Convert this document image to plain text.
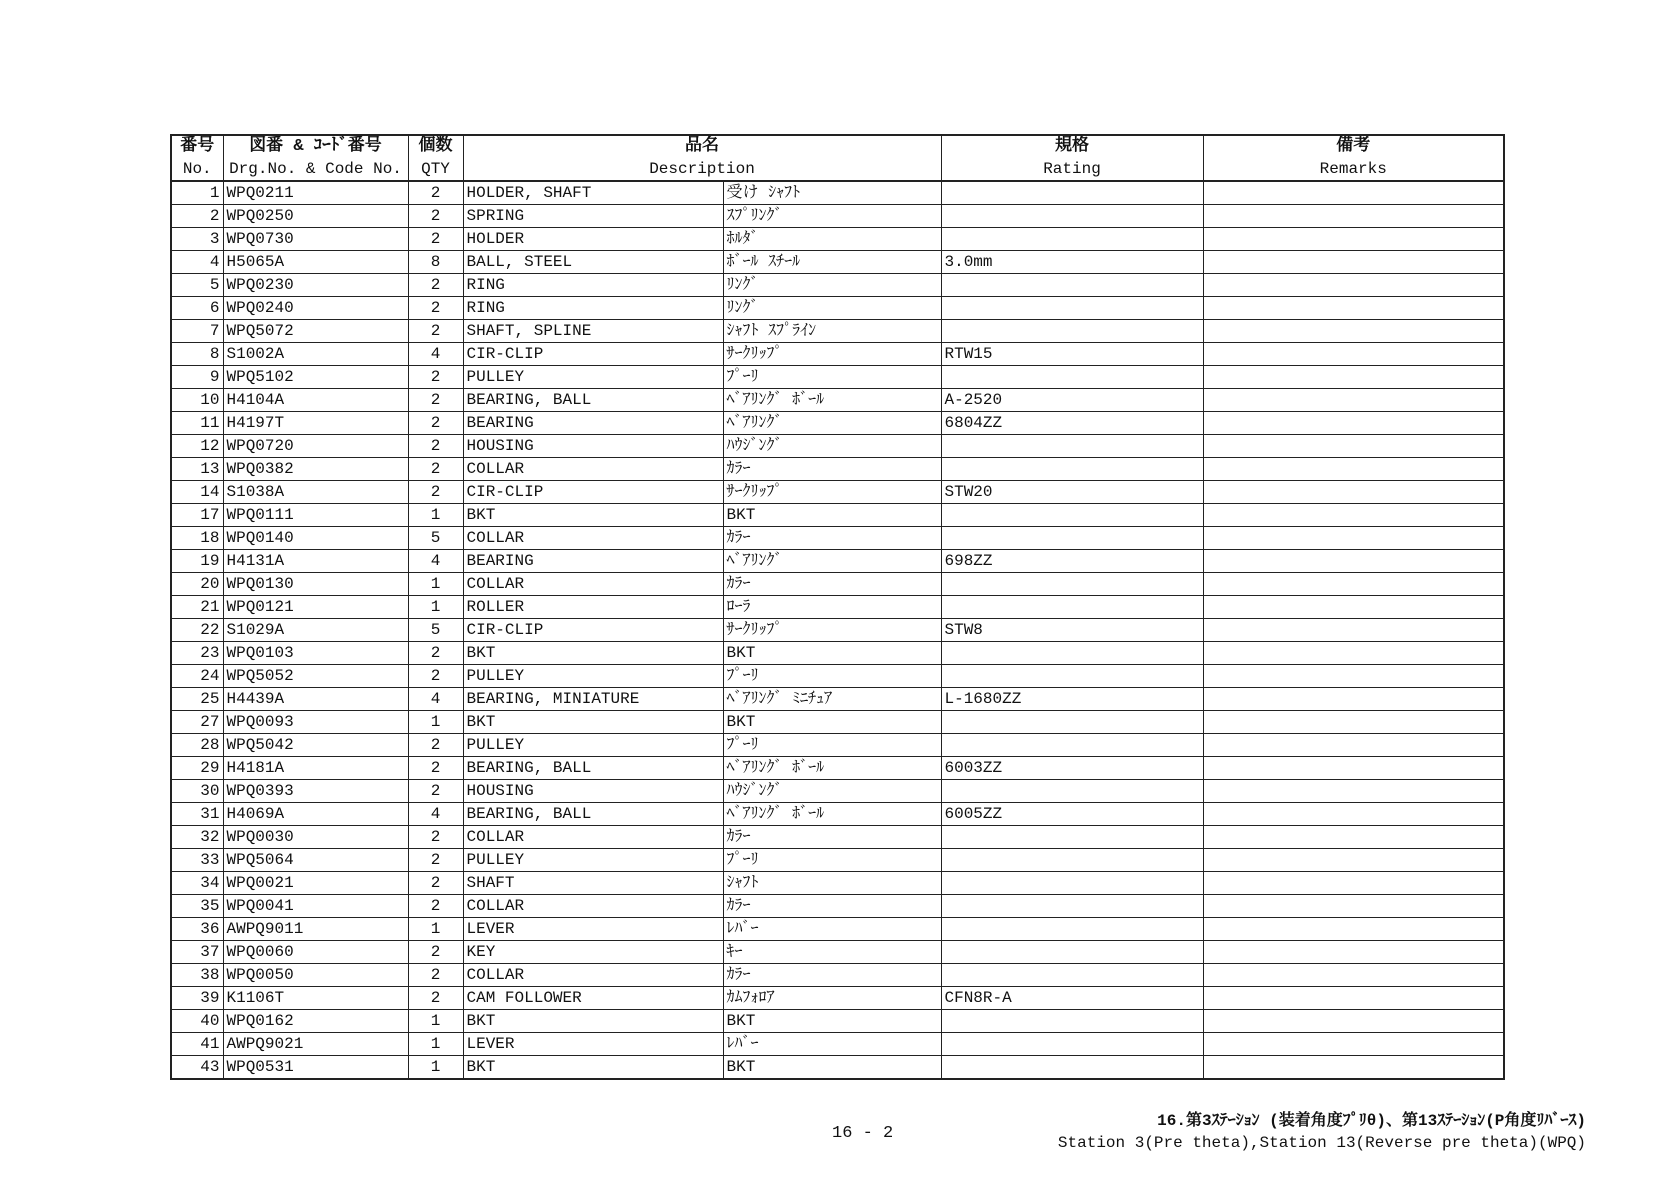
番号	図番 & ｺｰﾄﾞ番号	個数	品名		規格	備考
No.	Drg.No. & Code No.	QTY	Description		Rating	Remarks
1	WPQ0211	2	HOLDER, SHAFT	受け ｼｬﾌﾄ		
2	WPQ0250	2	SPRING	ｽﾌﾟﾘﾝｸﾞ		
3	WPQ0730	2	HOLDER	ﾎﾙﾀﾞ		
4	H5065A	8	BALL, STEEL	ﾎﾞｰﾙ ｽﾁｰﾙ	3.0mm	
5	WPQ0230	2	RING	ﾘﾝｸﾞ		
6	WPQ0240	2	RING	ﾘﾝｸﾞ		
7	WPQ5072	2	SHAFT, SPLINE	ｼｬﾌﾄ ｽﾌﾟﾗｲﾝ		
8	S1002A	4	CIR-CLIP	ｻｰｸﾘｯﾌﾟ	RTW15	
9	WPQ5102	2	PULLEY	ﾌﾟｰﾘ		
10	H4104A	2	BEARING, BALL	ﾍﾞｱﾘﾝｸﾞ ﾎﾞｰﾙ	A-2520	
11	H4197T	2	BEARING	ﾍﾞｱﾘﾝｸﾞ	6804ZZ	
12	WPQ0720	2	HOUSING	ﾊｳｼﾞﾝｸﾞ		
13	WPQ0382	2	COLLAR	ｶﾗｰ		
14	S1038A	2	CIR-CLIP	ｻｰｸﾘｯﾌﾟ	STW20	
17	WPQ0111	1	BKT	BKT		
18	WPQ0140	5	COLLAR	ｶﾗｰ		
19	H4131A	4	BEARING	ﾍﾞｱﾘﾝｸﾞ	698ZZ	
20	WPQ0130	1	COLLAR	ｶﾗｰ		
21	WPQ0121	1	ROLLER	ﾛｰﾗ		
22	S1029A	5	CIR-CLIP	ｻｰｸﾘｯﾌﾟ	STW8	
23	WPQ0103	2	BKT	BKT		
24	WPQ5052	2	PULLEY	ﾌﾟｰﾘ		
25	H4439A	4	BEARING, MINIATURE	ﾍﾞｱﾘﾝｸﾞ ﾐﾆﾁｭｱ	L-1680ZZ	
27	WPQ0093	1	BKT	BKT		
28	WPQ5042	2	PULLEY	ﾌﾟｰﾘ		
29	H4181A	2	BEARING, BALL	ﾍﾞｱﾘﾝｸﾞ ﾎﾞｰﾙ	6003ZZ	
30	WPQ0393	2	HOUSING	ﾊｳｼﾞﾝｸﾞ		
31	H4069A	4	BEARING, BALL	ﾍﾞｱﾘﾝｸﾞ ﾎﾞｰﾙ	6005ZZ	
32	WPQ0030	2	COLLAR	ｶﾗｰ		
33	WPQ5064	2	PULLEY	ﾌﾟｰﾘ		
34	WPQ0021	2	SHAFT	ｼｬﾌﾄ		
35	WPQ0041	2	COLLAR	ｶﾗｰ		
36	AWPQ9011	1	LEVER	ﾚﾊﾞｰ		
37	WPQ0060	2	KEY	ｷｰ		
38	WPQ0050	2	COLLAR	ｶﾗｰ		
39	K1106T	2	CAM FOLLOWER	ｶﾑﾌｫﾛｱ	CFN8R-A	
40	WPQ0162	1	BKT	BKT		
41	AWPQ9021	1	LEVER	ﾚﾊﾞｰ		
43	WPQ0531	1	BKT	BKT		
16 - 2
16.第3ｽﾃｰｼｮﾝ (装着角度ﾌﾟﾘθ)、第13ｽﾃｰｼｮﾝ(P角度ﾘﾊﾞｰｽ)
Station 3(Pre theta),Station 13(Reverse pre theta)(WPQ)
